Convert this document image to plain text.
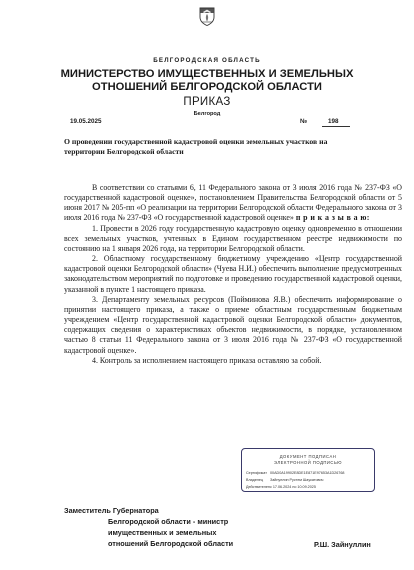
БЕЛГОРОДСКАЯ ОБЛАСТЬ
МИНИСТЕРСТВО ИМУЩЕСТВЕННЫХ И ЗЕМЕЛЬНЫХ
ОТНОШЕНИЙ БЕЛГОРОДСКОЙ ОБЛАСТИ
ПРИКАЗ
Белгород
19.05.2025	№	198
О проведении государственной кадастровой оценки земельных участков на
территории Белгородской области

В соответствии со статьями 6, 11 Федерального закона от 3 июля 2016 года № 237-ФЗ «О государственной кадастровой оценке», постановлением Правительства Белгородской области от 5 июня 2017 № 205-пп «О реализации на территории Белгородской области Федерального закона от 3 июля 2016 года № 237-ФЗ «О государственной кадастровой оценке» п р и к а з ы в а ю:

1. Провести в 2026 году государственную кадастровую оценку одновременно в отношении всех земельных участков, учтенных в Едином государственном реестре недвижимости по состоянию на 1 января 2026 года, на территории Белгородской области.

2. Областному государственному бюджетному учреждению «Центр государственной кадастровой оценки Белгородской области» (Чуева Н.И.) обеспечить выполнение предусмотренных законодательством мероприятий по подготовке и проведению государственной кадастровой оценки, указанной в пункте 1 настоящего приказа.

3. Департаменту земельных ресурсов (Пойминова Я.В.) обеспечить информирование о принятии настоящего приказа, а также о приеме областным государственным бюджетным учреждением «Центр государственной кадастровой оценки Белгородской области» документов, содержащих сведения о характеристиках объектов недвижимости, в порядке, установленном частью 8 статьи 11 Федерального закона от 3 июля 2016 года № 237-ФЗ «О государственной кадастровой оценке».

4. Контроль за исполнением настоящего приказа оставляю за собой.

ДОКУМЕНТ ПОДПИСАН
ЭЛЕКТРОННОЙ ПОДПИСЬЮ
Сертификат 00AD0A19902E8DE1E871E97653A1D26768
Владелец Зайнуллин Рустем Шаукатович
Действителенс 17.06.2024 по 10.09.2025
Заместитель Губернатора
Белгородской области - министр
имущественных и земельных
отношений Белгородской области	Р.Ш. Зайнуллин
